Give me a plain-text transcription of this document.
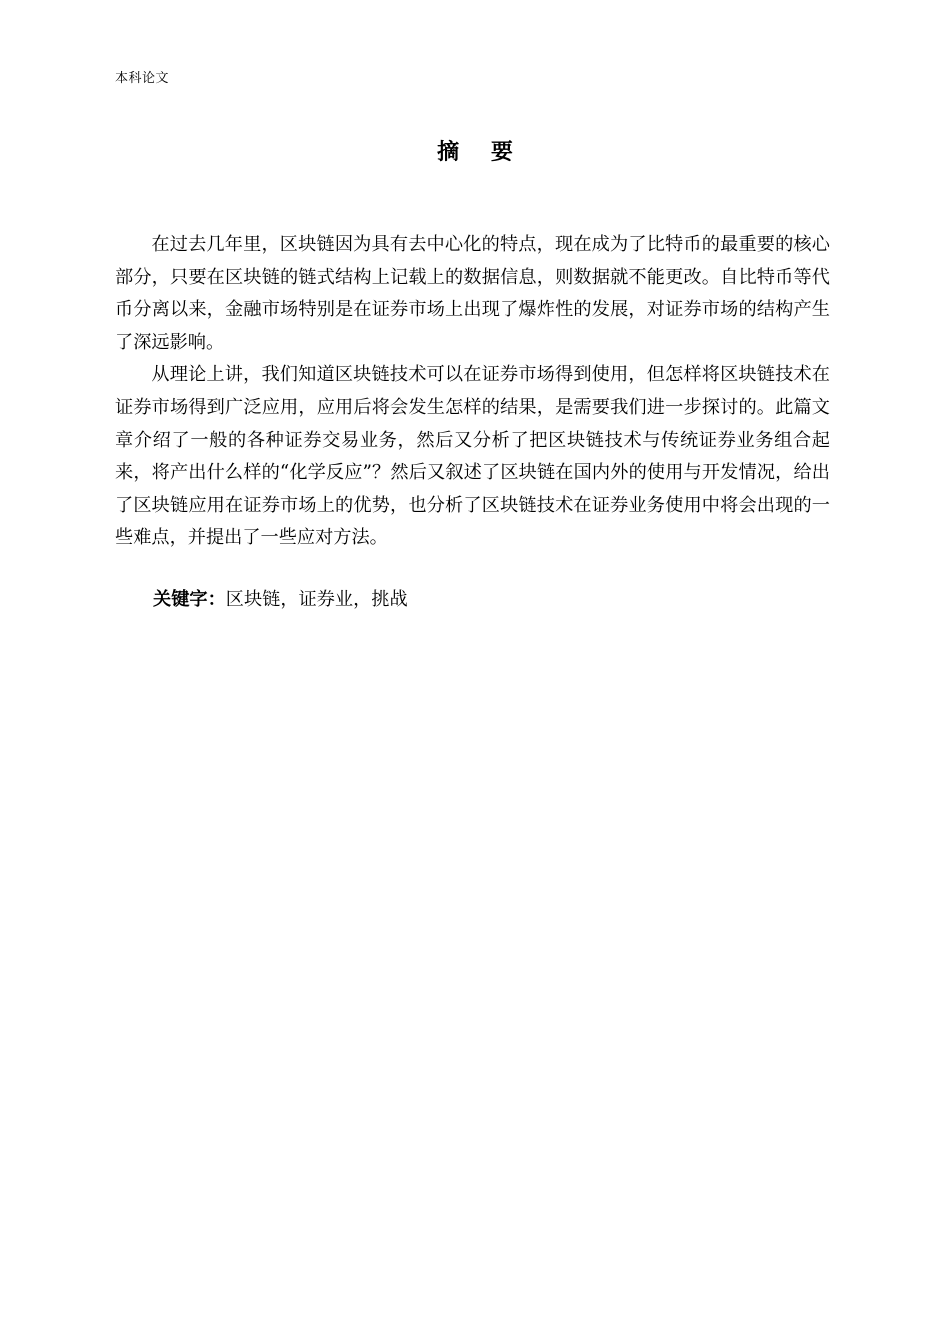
本科论文
摘 要

在过去几年里，区块链因为具有去中心化的特点，现在成为了比特币的最重要的核心部分，只要在区块链的链式结构上记载上的数据信息，则数据就不能更改。自比特币等代币分离以来，金融市场特别是在证券市场上出现了爆炸性的发展，对证券市场的结构产生了深远影响。

从理论上讲，我们知道区块链技术可以在证券市场得到使用，但怎样将区块链技术在证券市场得到广泛应用，应用后将会发生怎样的结果，是需要我们进一步探讨的。此篇文章介绍了一般的各种证券交易业务，然后又分析了把区块链技术与传统证券业务组合起来，将产出什么样的“化学反应”？然后又叙述了区块链在国内外的使用与开发情况，给出了区块链应用在证券市场上的优势，也分析了区块链技术在证券业务使用中将会出现的一些难点，并提出了一些应对方法。

关键字：区块链，证券业，挑战
